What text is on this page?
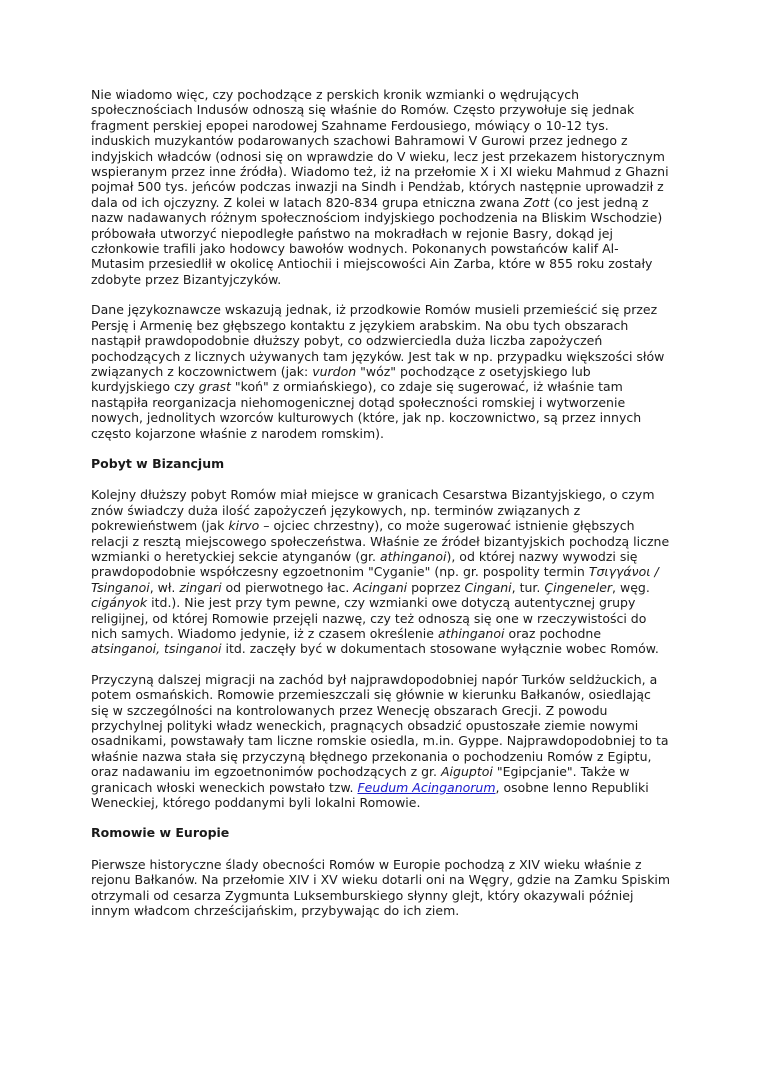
Nie wiadomo więc, czy pochodzące z perskich kronik wzmianki o wędrujących społecznościach Indusów odnoszą się właśnie do Romów. Często przywołuje się jednak fragment perskiej epopei narodowej Szahname Ferdousiego, mówiący o 10-12 tys. induskich muzykantów podarowanych szachowi Bahramowi V Gurowi przez jednego z indyjskich władców (odnosi się on wprawdzie do V wieku, lecz jest przekazem historycznym wspieranym przez inne źródła). Wiadomo też, iż na przełomie X i XI wieku Mahmud z Ghazni pojmał 500 tys. jeńców podczas inwazji na Sindh i Pendżab, których następnie uprowadził z dala od ich ojczyzny. Z kolei w latach 820-834 grupa etniczna zwana Zott (co jest jedną z nazw nadawanych różnym społecznościom indyjskiego pochodzenia na Bliskim Wschodzie) próbowała utworzyć niepodległe państwo na mokradłach w rejonie Basry, dokąd jej członkowie trafili jako hodowcy bawołów wodnych. Pokonanych powstańców kalif Al-Mutasim przesiedlił w okolicę Antiochii i miejscowości Ain Zarba, które w 855 roku zostały zdobyte przez Bizantyjczyków.

Dane językoznawcze wskazują jednak, iż przodkowie Romów musieli przemieścić się przez Persję i Armenię bez głębszego kontaktu z językiem arabskim. Na obu tych obszarach nastąpił prawdopodobnie dłuższy pobyt, co odzwierciedla duża liczba zapożyczeń pochodzących z licznych używanych tam języków. Jest tak w np. przypadku większości słów związanych z koczownictwem (jak: vurdon "wóz" pochodzące z osetyjskiego lub kurdyjskiego czy grast "koń" z ormiańskiego), co zdaje się sugerować, iż właśnie tam nastąpiła reorganizacja niehomogenicznej dotąd społeczności romskiej i wytworzenie nowych, jednolitych wzorców kulturowych (które, jak np. koczownictwo, są przez innych często kojarzone właśnie z narodem romskim).

Pobyt w Bizancjum

Kolejny dłuższy pobyt Romów miał miejsce w granicach Cesarstwa Bizantyjskiego, o czym znów świadczy duża ilość zapożyczeń językowych, np. terminów związanych z pokrewieństwem (jak kirvo – ojciec chrzestny), co może sugerować istnienie głębszych relacji z resztą miejscowego społeczeństwa. Właśnie ze źródeł bizantyjskich pochodzą liczne wzmianki o heretyckiej sekcie atynganów (gr. athinganoi), od której nazwy wywodzi się prawdopodobnie współczesny egzoetnonim "Cyganie" (np. gr. pospolity termin Τσιγγάνοι / Tsinganoi, wł. zingari od pierwotnego łac. Acingani poprzez Cingani, tur. Çingeneler, węg. cigányok itd.). Nie jest przy tym pewne, czy wzmianki owe dotyczą autentycznej grupy religijnej, od której Romowie przejęli nazwę, czy też odnoszą się one w rzeczywistości do nich samych. Wiadomo jedynie, iż z czasem określenie athinganoi oraz pochodne atsinganoi, tsinganoi itd. zaczęły być w dokumentach stosowane wyłącznie wobec Romów.

Przyczyną dalszej migracji na zachód był najprawdopodobniej napór Turków seldżuckich, a potem osmańskich. Romowie przemieszczali się głównie w kierunku Bałkanów, osiedlając się w szczególności na kontrolowanych przez Wenecję obszarach Grecji. Z powodu przychylnej polityki władz weneckich, pragnących obsadzić opustoszałe ziemie nowymi osadnikami, powstawały tam liczne romskie osiedla, m.in. Gyppe. Najprawdopodobniej to ta właśnie nazwa stała się przyczyną błędnego przekonania o pochodzeniu Romów z Egiptu, oraz nadawaniu im egzoetnonimów pochodzących z gr. Aiguptoi "Egipcjanie". Także w granicach włoski weneckich powstało tzw. Feudum Acinganorum, osobne lenno Republiki Weneckiej, którego poddanymi byli lokalni Romowie.

Romowie w Europie

Pierwsze historyczne ślady obecności Romów w Europie pochodzą z XIV wieku właśnie z rejonu Bałkanów. Na przełomie XIV i XV wieku dotarli oni na Węgry, gdzie na Zamku Spiskim otrzymali od cesarza Zygmunta Luksemburskiego słynny glejt, który okazywali później innym władcom chrześcijańskim, przybywając do ich ziem.
